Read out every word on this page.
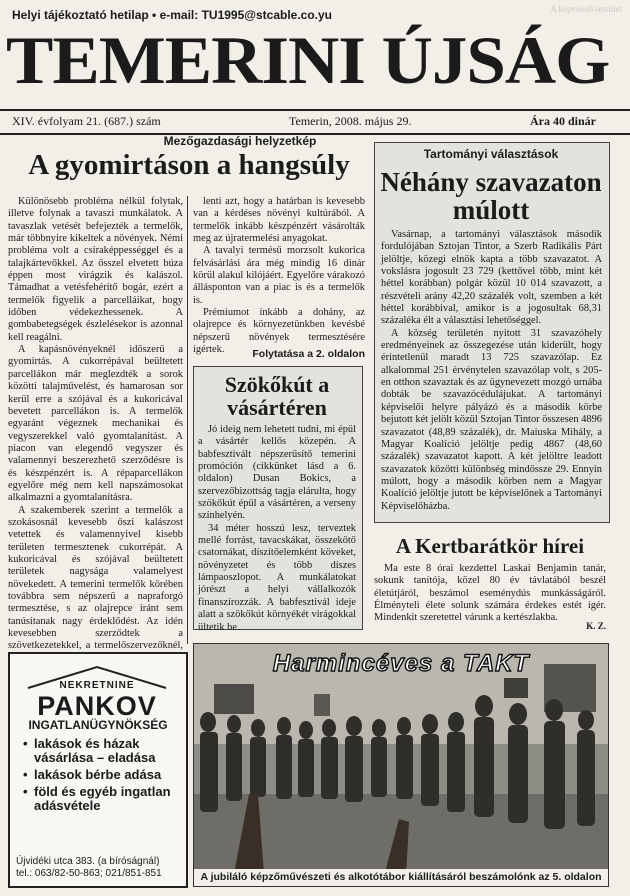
A képviselő-testület
Helyi tájékoztató hetilap • e-mail: TU1995@stcable.co.yu
TEMERINI ÚJSÁG
XIV. évfolyam 21. (687.) szám	Temerin, 2008. május 29.	Ára 40 dinár
Mezőgazdasági helyzetkép
A gyomirtáson a hangsúly

Különösebb probléma nélkül folytak, illetve folynak a tavaszi munkálatok. A tavaszlak vetését befejezték a termelők, már többnyire kikeltek a növények. Némi probléma volt a csíraképpességgel és a talajkártevőkkel. Az ősszel elvetett búza éppen most virágzik és kalászol. Támadhat a vetésfehérítő bogár, ezért a termelők figyelik a parcelláikat, hogy időben védekezhessenek. A gombabetegségek észlelésekor is azonnal kell reagálni.

A kapásnövényeknél időszerű a gyomirtás. A cukorrépával beültetett parcellákon már meglezdték a sorok közötti talajművelést, és hamarosan sor kerül erre a szójával és a kukoricával bevetett parcellákon is. A termelők egyaránt végeznek mechanikai és vegyszerekkel való gyomtalanítást. A piacon van elegendő vegyszer és valamennyi beszerezhető szerződésre is és készpénzért is. A répaparcellákon egyelőre még nem kell napszámosokat alkalmazni a gyomtalanításra.

A szakemberek szerint a termelők a szokásosnál kevesebb őszi kalászost vetettek és valamennyivel kisebb területen termesztenek cukorrépát. A kukoricával és szójával beültetett területek nagysága valamelyest növekedett. A temerini termelők körében továbbra sem népszerű a napraforgó termesztése, s az olajrepce iránt sem tanúsítanak nagy érdeklődést. Az idén kevesebben szerződtek a szövetkezetekkel, a termelőszervezőknél,

lenti azt, hogy a határban is kevesebb van a kérdéses növényi kultúrából. A termelők inkább készpénzért vásárolták meg az újratermelési anyagokat.

A tavalyi termésű morzsolt kukorica felvásárlási ára még mindig 16 dinár körül alakul kilójáért. Egyelőre várakozó állásponton van a piac is és a termelők is.

Prémiumot inkább a dohány, az olajrepce és környezetünkben kevésbé népszerű növények termesztésére ígértek.	Folytatása a 2. oldalon
Szökőkút a vásártéren

Jó ideig nem lehetett tudni, mi épül a vásártér kellős közepén. A babfesztivált népszerűsítő temerini promóción (cikkünket lásd a 6. oldalon) Dusan Bokics, a szervezőbizottság tagja elárulta, hogy szökőkút épül a vásártéren, a verseny színhelyén.

34 méter hosszú lesz, terveztek mellé forrást, tavacskákat, összekötő csatornákat, díszítőelemként köveket, növényzetet és több díszes lámpaoszlopot. A munkálatokat jórészt a helyi vállalkozók finanszírozzák. A babfesztivál ideje alatt a szökőkút környékét virágokkal ültetik be.

Tartományi választások
Néhány szavazaton múlott

Vasárnap, a tartományi választások második fordulójában Sztojan Tintor, a Szerb Radikális Párt jelöltje, közegi elnök kapta a több szavazatot. A vokslásra jogosult 23 729 (kettővel több, mint két héttel korábban) polgár közül 10 014 szavazott, a részvételi arány 42,20 százalék volt, szemben a két héttel korábbival, amikor is a jogosultak 68,31 százaléka élt a választási lehetőséggel.

A község területén nyitott 31 szavazóhely eredményeinek az összegezése után kiderült, hogy érintetlenül maradt 13 725 szavazólap. Ez alkalommal 251 érvénytelen szavazólap volt, s 205-en otthon szavaztak és az ügynevezett mozgó urnába dobták be szavazócédulájukat. A tartományi képviselői helyre pályázó és a második körbe bejutott két jelölt közül Sztojan Tintor összesen 4896 szavazatot (48,89 százalék), dr. Maiuska Mihály, a Magyar Koalíció jelöltje pedig 4867 (48,60 százalék) szavazatot kapott. A két jelöltre leadott szavazatok közötti különbség mindössze 29. Ennyin múlott, hogy a második körben nem a Magyar Koalíció jelöltje jutott be képviselőnek a Tartományi Képviselőházba.

A Kertbarátkör hírei

Ma este 8 órai kezdettel Laskai Benjamin tanár, sokunk tanítója, közel 80 év távlatából beszél életútjáról, beszámol eseménydús munkásságáról. Élményteli élete solunk számára érdekes estét ígér. Mindenkit szeretettel várunk a kertészlakba.

K. Z.
NEKRETNINE
PANKOV
INGATLANÜGYNÖKSÉG
• lakások és házak vásárlása – eladása
• lakások bérbe adása
• föld és egyéb ingatlan adásvétele
Újvidéki utca 383. (a bíróságnál)
tel.: 063/82-50-863; 021/851-851
Harmincéves a TAKT
A jubiláló képzőművészeti és alkotótábor kiállításáról beszámolónk az 5. oldalon
